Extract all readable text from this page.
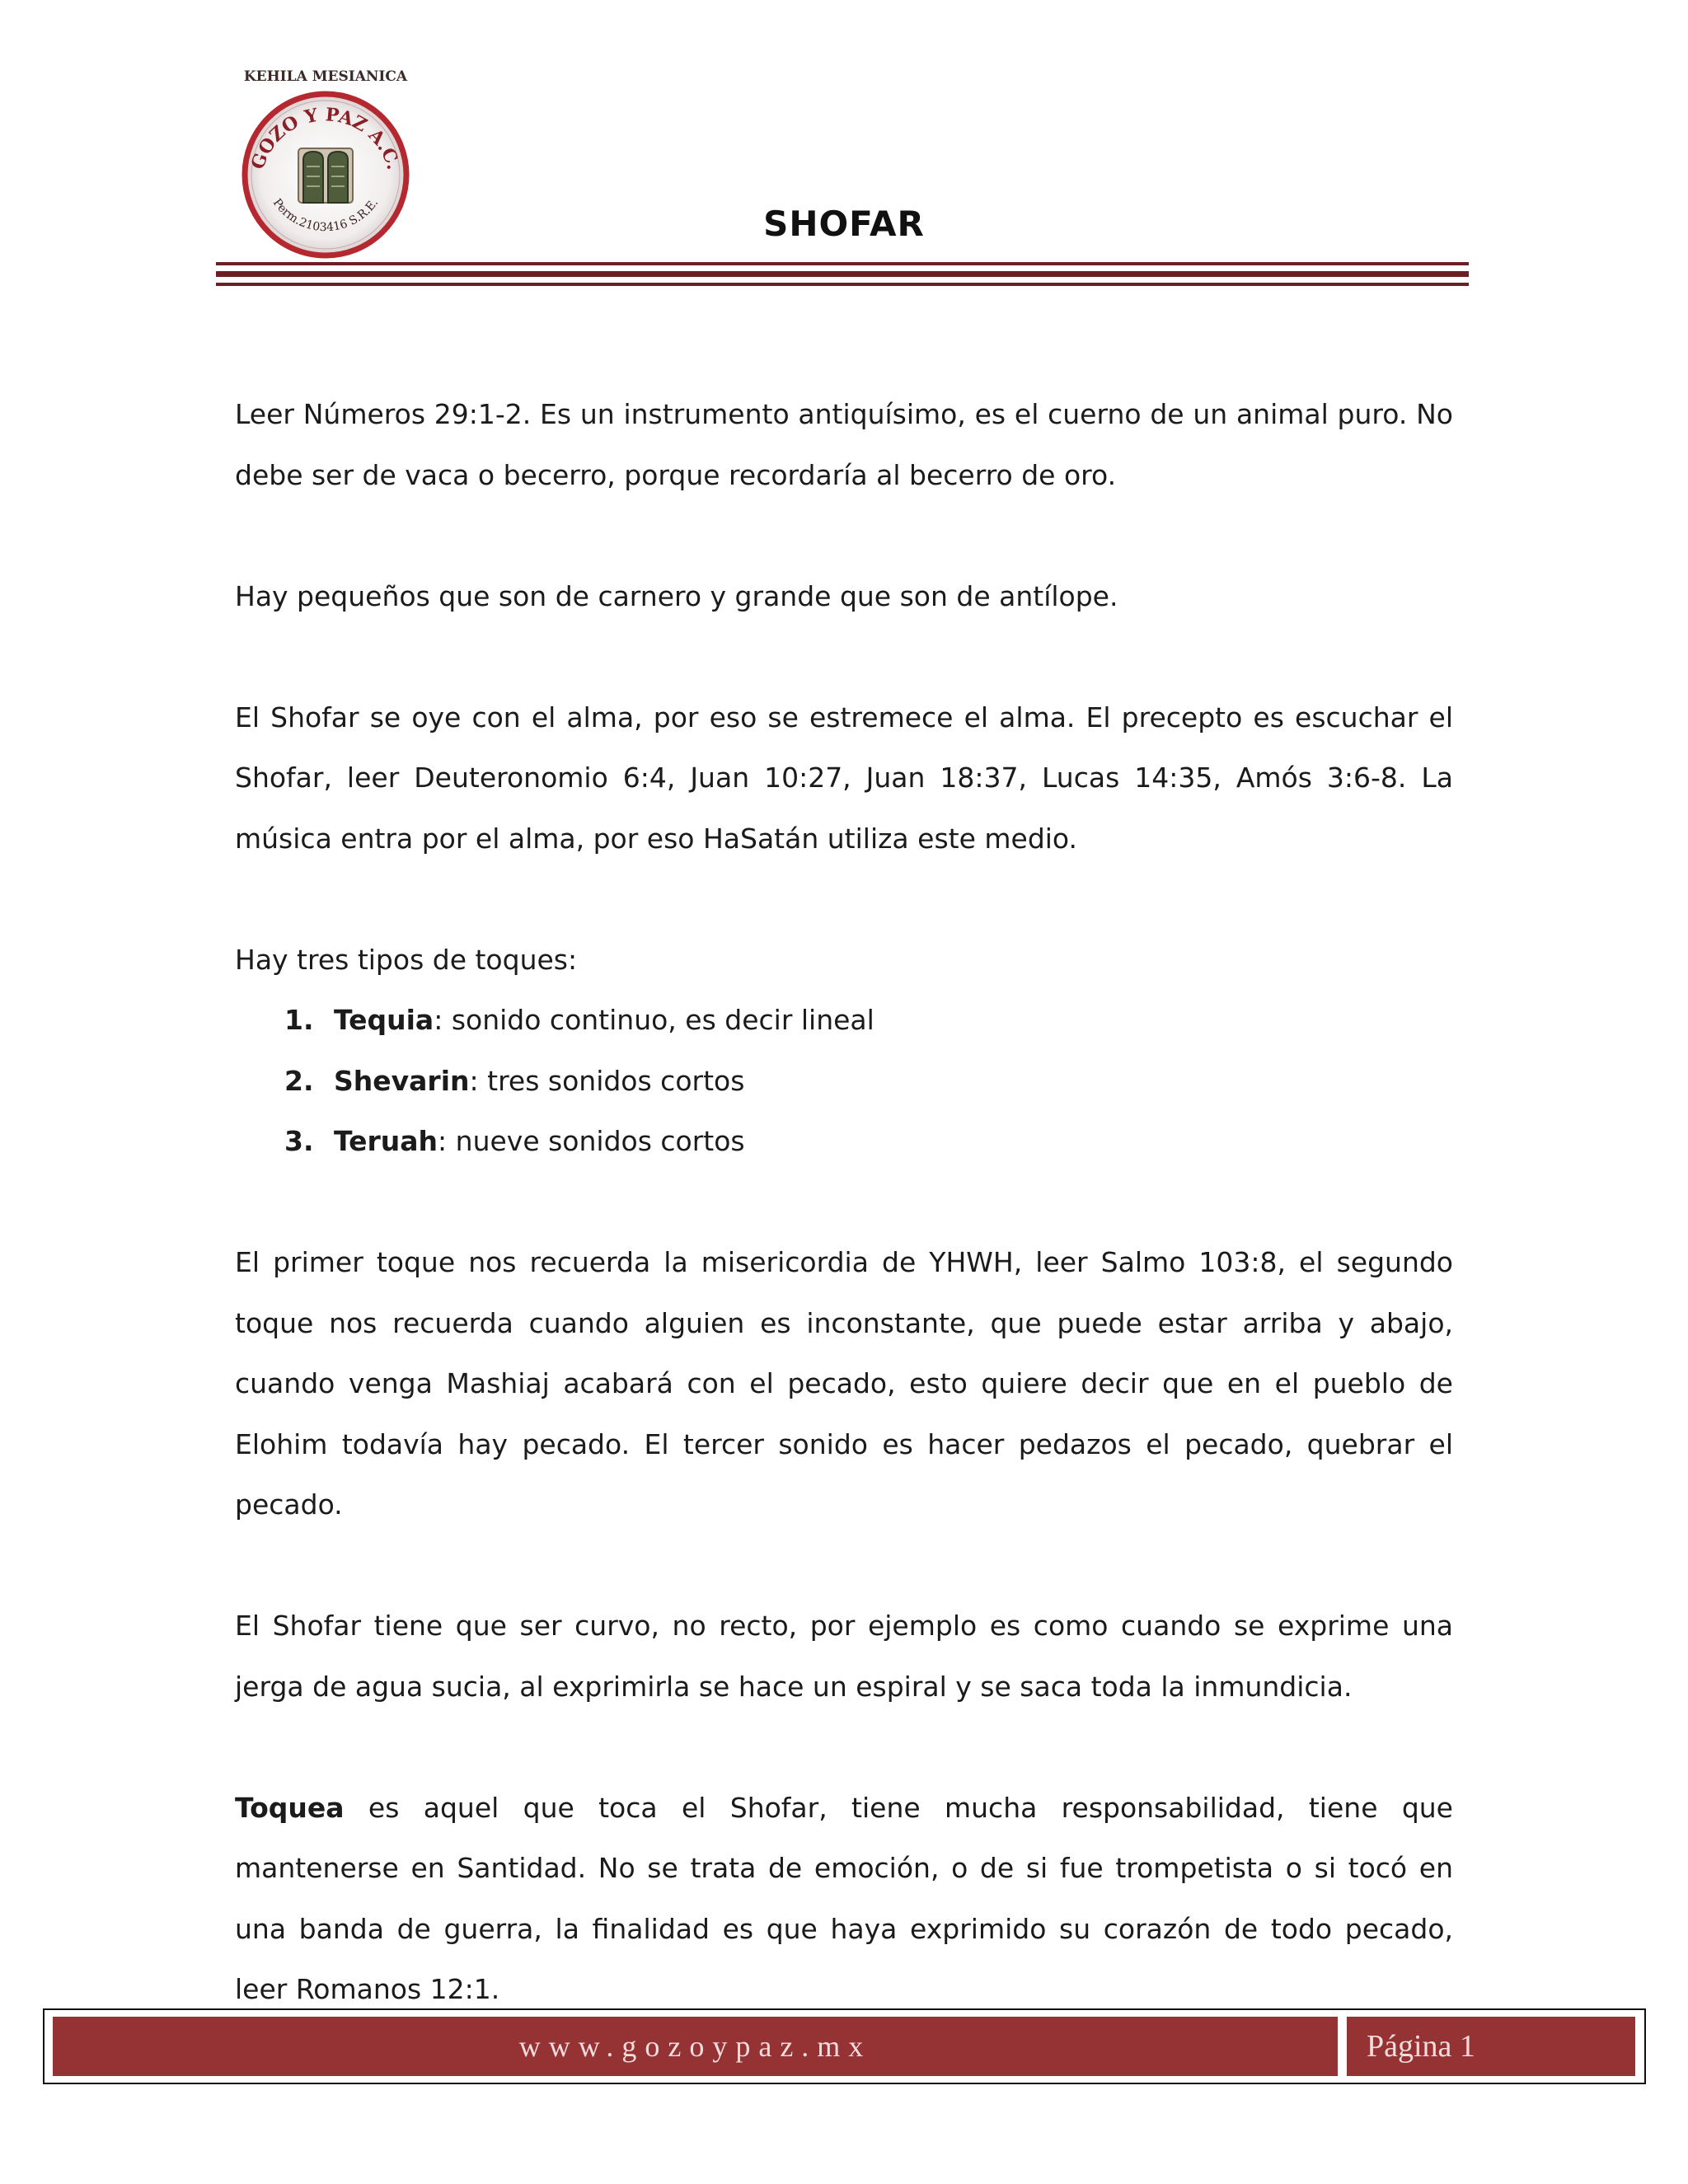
KEHILA MESIANICA
GOZO Y PAZ A.C.
Perm.2103416 S.R.E.
SHOFAR

Leer Números 29:1-2. Es un instrumento antiquísimo, es el cuerno de un animal puro. No debe ser de vaca o becerro, porque recordaría al becerro de oro.

Hay pequeños que son de carnero y grande que son de antílope.

El Shofar se oye con el alma, por eso se estremece el alma. El precepto es escuchar el Shofar, leer Deuteronomio 6:4, Juan 10:27, Juan 18:37, Lucas 14:35, Amós 3:6-8. La música entra por el alma, por eso HaSatán utiliza este medio.

Hay tres tipos de toques:

1. Tequia: sonido continuo, es decir lineal
2. Shevarin: tres sonidos cortos
3. Teruah: nueve sonidos cortos

El primer toque nos recuerda la misericordia de YHWH, leer Salmo 103:8, el segundo toque nos recuerda cuando alguien es inconstante, que puede estar arriba y abajo, cuando venga Mashiaj acabará con el pecado, esto quiere decir que en el pueblo de Elohim todavía hay pecado. El tercer sonido es hacer pedazos el pecado, quebrar el pecado.

El Shofar tiene que ser curvo, no recto, por ejemplo es como cuando se exprime una jerga de agua sucia, al exprimirla se hace un espiral y se saca toda la inmundicia.

Toquea es aquel que toca el Shofar, tiene mucha responsabilidad, tiene que mantenerse en Santidad. No se trata de emoción, o de si fue trompetista o si tocó en una banda de guerra, la finalidad es que haya exprimido su corazón de todo pecado, leer Romanos 12:1.

www.gozoypaz.mx	Página 1
